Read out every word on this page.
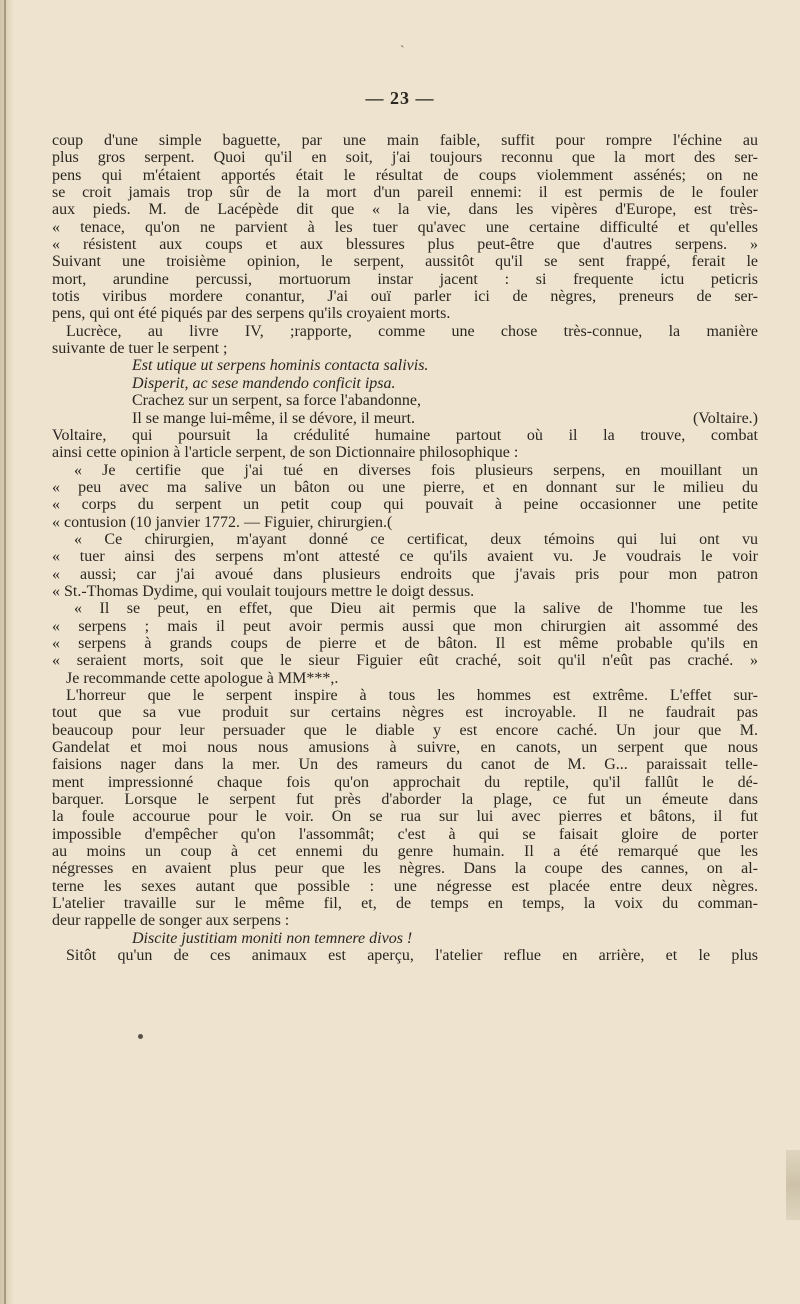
ˋ
— 23 —
coup d'une simple baguette, par une main faible, suffit pour rompre l'échine au
plus gros serpent. Quoi qu'il en soit, j'ai toujours reconnu que la mort des ser-
pens qui m'étaient apportés était le résultat de coups violemment assénés; on ne
se croit jamais trop sûr de la mort d'un pareil ennemi: il est permis de le fouler
aux pieds. M. de Lacépède dit que « la vie, dans les vipères d'Europe, est très-
« tenace, qu'on ne parvient à les tuer qu'avec une certaine difficulté et qu'elles
« résistent aux coups et aux blessures plus peut-être que d'autres serpens. »
Suivant une troisième opinion, le serpent, aussitôt qu'il se sent frappé, ferait le
mort, arundine percussi, mortuorum instar jacent : si frequente ictu peticris
totis viribus mordere conantur, J'ai ouï parler ici de nègres, preneurs de ser-
pens, qui ont été piqués par des serpens qu'ils croyaient morts.
Lucrèce, au livre IV, ;rapporte, comme une chose très-connue, la manière
suivante de tuer le serpent ;
Est utique ut serpens hominis contacta salivis.
Disperit, ac sese mandendo conficit ipsa.
Crachez sur un serpent, sa force l'abandonne,
Il se mange lui-même, il se dévore, il meurt.	(Voltaire.)
Voltaire, qui poursuit la crédulité humaine partout où il la trouve, combat
ainsi cette opinion à l'article serpent, de son Dictionnaire philosophique :
« Je certifie que j'ai tué en diverses fois plusieurs serpens, en mouillant un
« peu avec ma salive un bâton ou une pierre, et en donnant sur le milieu du
« corps du serpent un petit coup qui pouvait à peine occasionner une petite
« contusion (10 janvier 1772. — Figuier, chirurgien.(
« Ce chirurgien, m'ayant donné ce certificat, deux témoins qui lui ont vu
« tuer ainsi des serpens m'ont attesté ce qu'ils avaient vu. Je voudrais le voir
« aussi; car j'ai avoué dans plusieurs endroits que j'avais pris pour mon patron
« St.-Thomas Dydime, qui voulait toujours mettre le doigt dessus.
« Il se peut, en effet, que Dieu ait permis que la salive de l'homme tue les
« serpens ; mais il peut avoir permis aussi que mon chirurgien ait assommé des
« serpens à grands coups de pierre et de bâton. Il est même probable qu'ils en
« seraient morts, soit que le sieur Figuier eût craché, soit qu'il n'eût pas craché. »
Je recommande cette apologue à MM***,.
L'horreur que le serpent inspire à tous les hommes est extrême. L'effet sur-
tout que sa vue produit sur certains nègres est incroyable. Il ne faudrait pas
beaucoup pour leur persuader que le diable y est encore caché. Un jour que M.
Gandelat et moi nous nous amusions à suivre, en canots, un serpent que nous
faisions nager dans la mer. Un des rameurs du canot de M. G... paraissait telle-
ment impressionné chaque fois qu'on approchait du reptile, qu'il fallût le dé-
barquer. Lorsque le serpent fut près d'aborder la plage, ce fut un émeute dans
la foule accourue pour le voir. On se rua sur lui avec pierres et bâtons, il fut
impossible d'empêcher qu'on l'assommât; c'est à qui se faisait gloire de porter
au moins un coup à cet ennemi du genre humain. Il a été remarqué que les
négresses en avaient plus peur que les nègres. Dans la coupe des cannes, on al-
terne les sexes autant que possible : une négresse est placée entre deux nègres.
L'atelier travaille sur le même fil, et, de temps en temps, la voix du comman-
deur rappelle de songer aux serpens :
Discite justitiam moniti non temnere divos !
Sitôt qu'un de ces animaux est aperçu, l'atelier reflue en arrière, et le plus
